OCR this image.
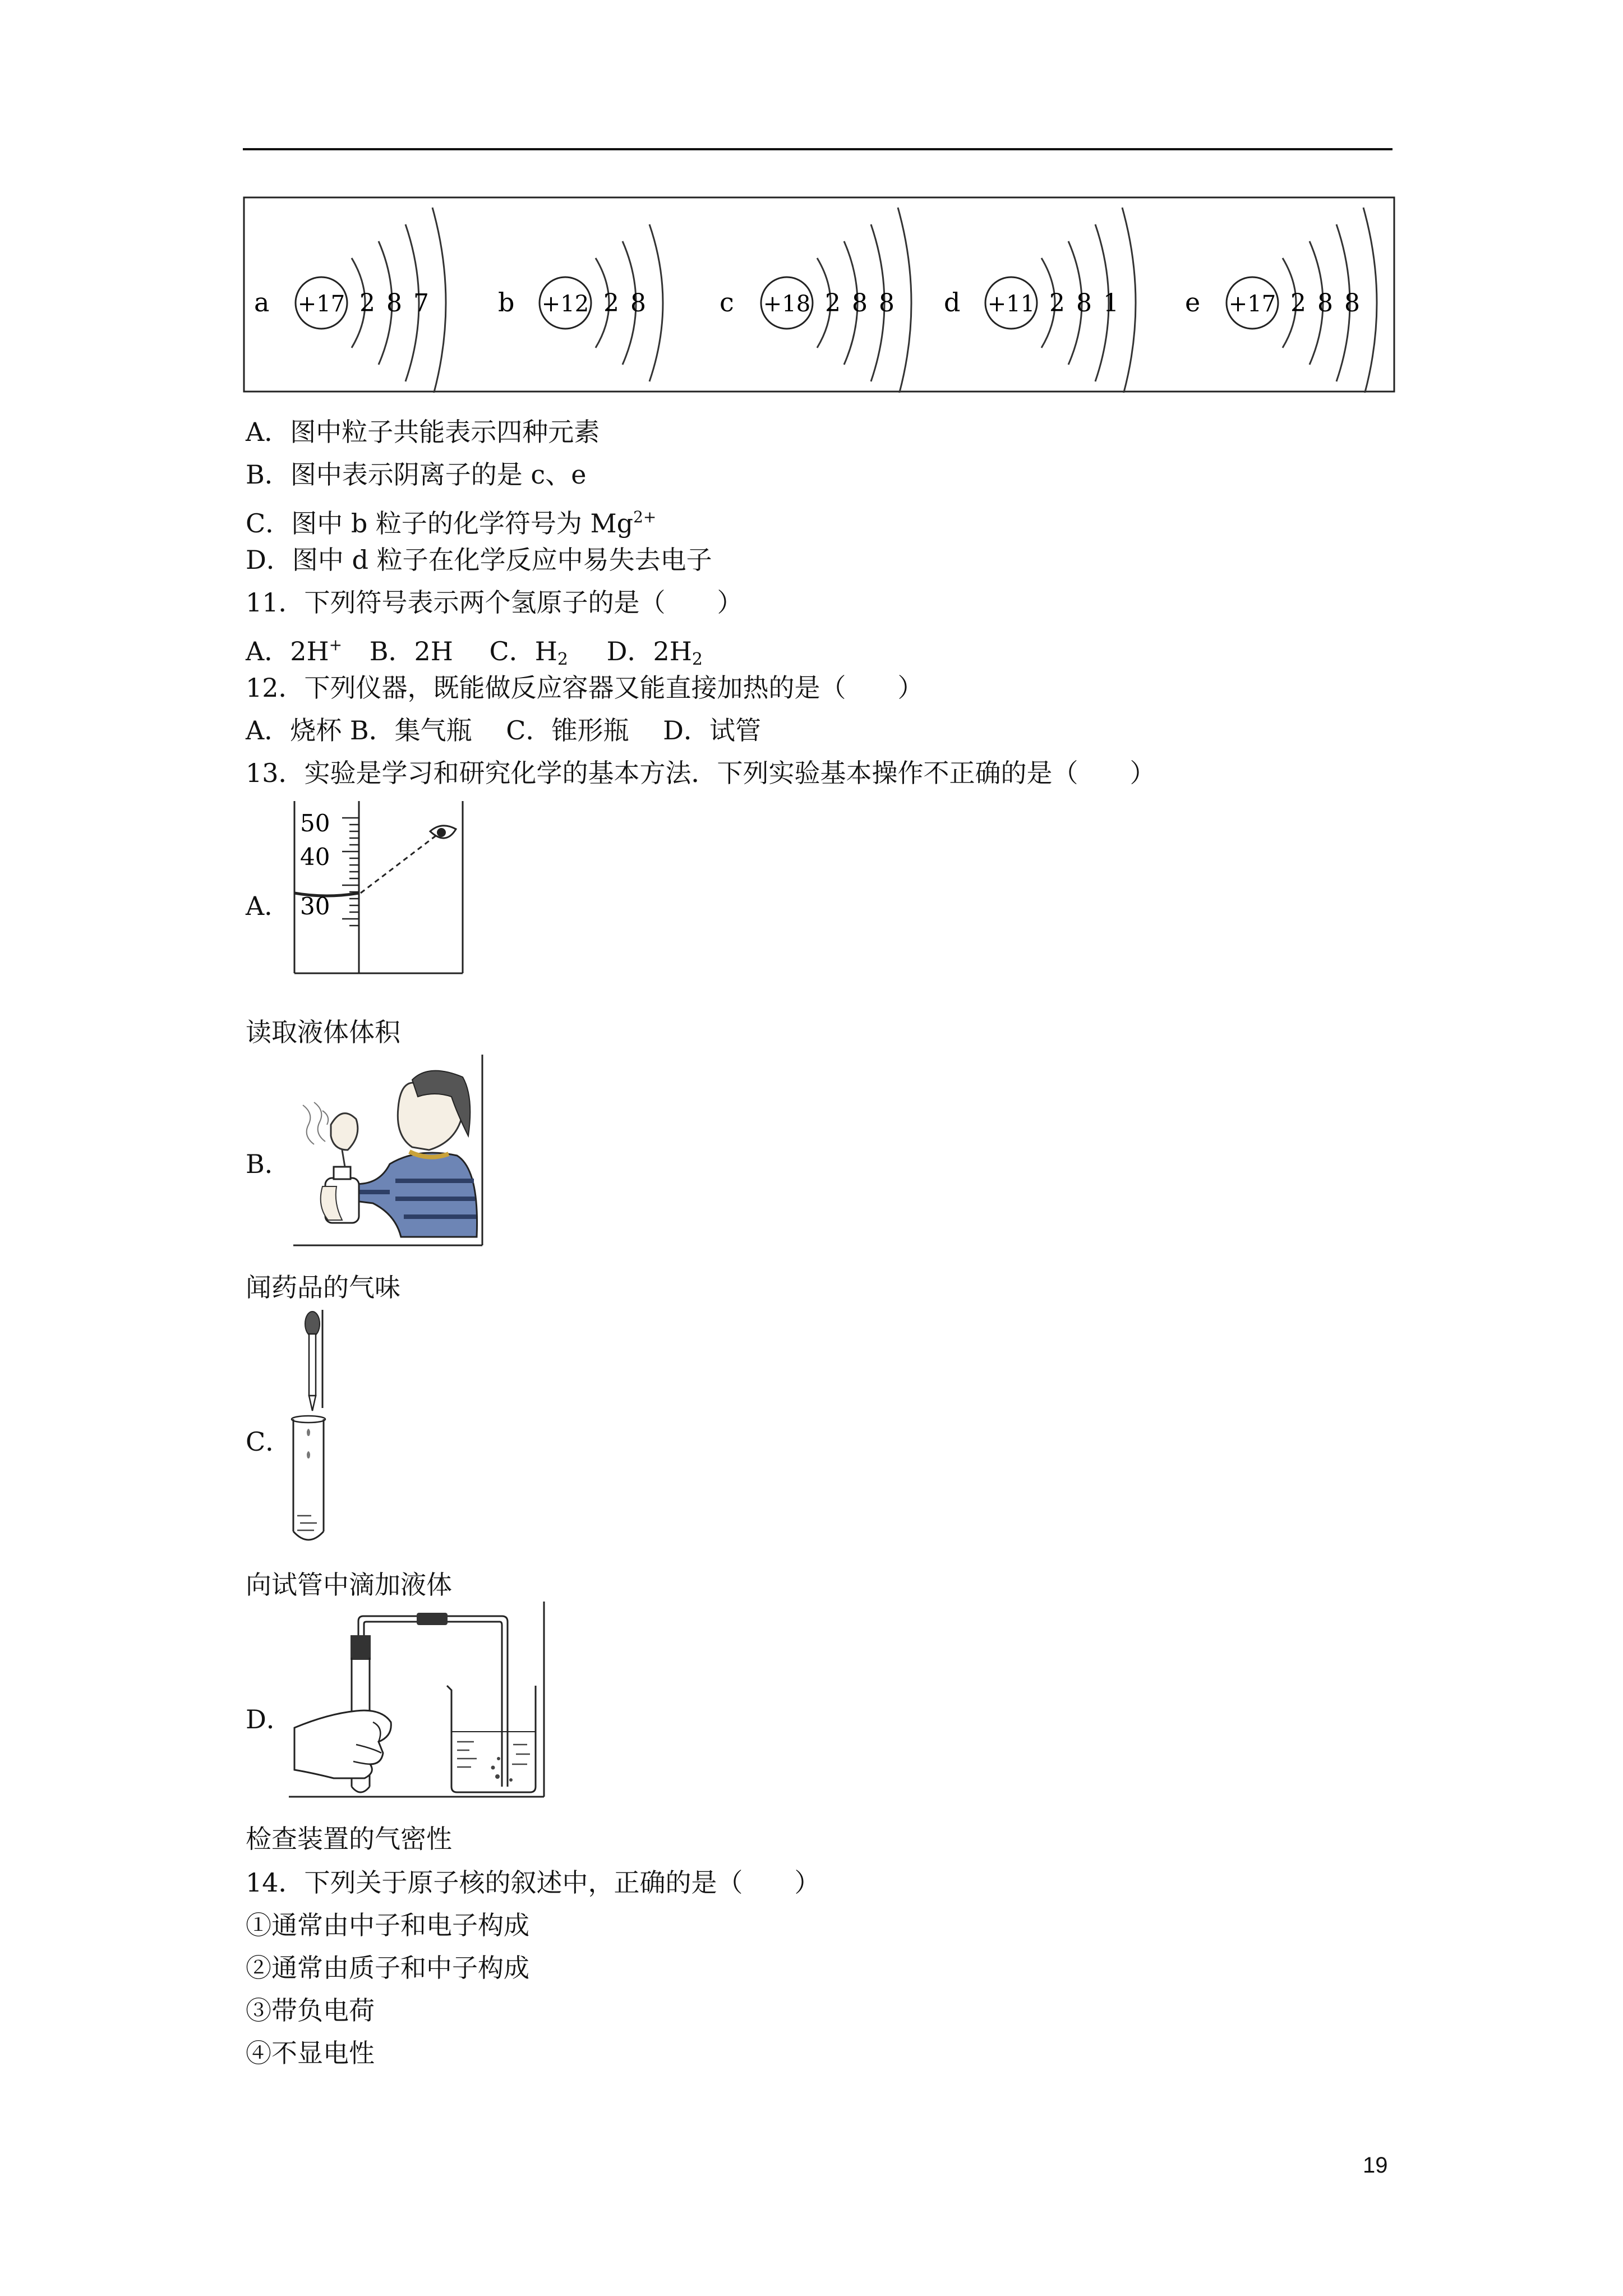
a +17 2 8 7	b +12 2 8	c +18 2 8 8 d +11 2 8 1	e +17 2 8 8
A．图中粒子共能表示四种元素
B．图中表示阴离子的是 c、e
C．图中 b 粒子的化学符号为 $Mg^{2+}$
D．图中 d 粒子在化学反应中易失去电子
11．下列符号表示两个氢原子的是（　　）
A．2H+ B．2H C．$H_2$ D．$2H_2$
12．下列仪器，既能做反应容器又能直接加热的是（　　）
A．烧杯 B．集气瓶　 C．锥形瓶　 D．试管
13．实验是学习和研究化学的基本方法．下列实验基本操作不正确的是（　　）
A．
50
40
30
读取液体体积
B．
闻药品的气味
C．
向试管中滴加液体
D．
检查装置的气密性
14．下列关于原子核的叙述中，正确的是（　　）
①通常由中子和电子构成
②通常由质子和中子构成
③带负电荷
④不显电性
19
